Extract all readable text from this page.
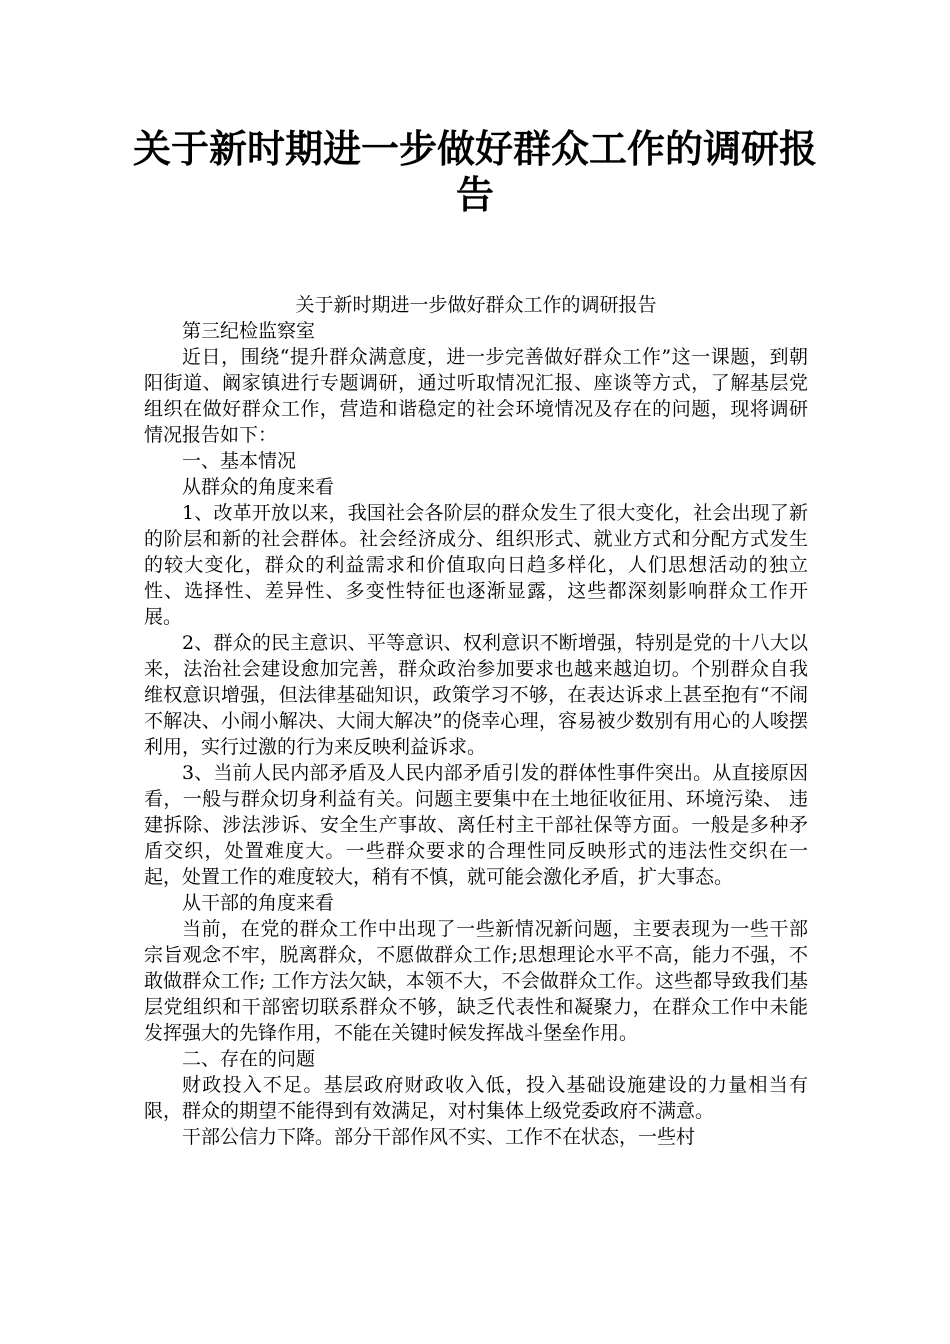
关于新时期进一步做好群众工作的调研报告

关于新时期进一步做好群众工作的调研报告

第三纪检监察室

近日，围绕“提升群众满意度，进一步完善做好群众工作”这一课题，到朝阳街道、阚家镇进行专题调研，通过听取情况汇报、座谈等方式，了解基层党组织在做好群众工作，营造和谐稳定的社会环境情况及存在的问题，现将调研情况报告如下：

一、基本情况

从群众的角度来看

1、改革开放以来，我国社会各阶层的群众发生了很大变化，社会出现了新的阶层和新的社会群体。社会经济成分、组织形式、就业方式和分配方式发生的较大变化，群众的利益需求和价值取向日趋多样化，人们思想活动的独立性、选择性、差异性、多变性特征也逐渐显露，这些都深刻影响群众工作开展。

2、群众的民主意识、平等意识、权利意识不断增强，特别是党的十八大以来，法治社会建设愈加完善，群众政治参加要求也越来越迫切。个别群众自我维权意识增强，但法律基础知识，政策学习不够，在表达诉求上甚至抱有“不闹不解决、小闹小解决、大闹大解决”的侥幸心理，容易被少数别有用心的人唆摆利用，实行过激的行为来反映利益诉求。

3、当前人民内部矛盾及人民内部矛盾引发的群体性事件突出。从直接原因看，一般与群众切身利益有关。问题主要集中在土地征收征用、环境污染、 违建拆除、涉法涉诉、安全生产事故、离任村主干部社保等方面。一般是多种矛盾交织，处置难度大。一些群众要求的合理性同反映形式的违法性交织在一起，处置工作的难度较大，稍有不慎，就可能会激化矛盾，扩大事态。

从干部的角度来看

当前，在党的群众工作中出现了一些新情况新问题，主要表现为一些干部宗旨观念不牢，脱离群众，不愿做群众工作;思想理论水平不高，能力不强，不敢做群众工作; 工作方法欠缺，本领不大，不会做群众工作。这些都导致我们基层党组织和干部密切联系群众不够，缺乏代表性和凝聚力，在群众工作中未能发挥强大的先锋作用，不能在关键时候发挥战斗堡垒作用。

二、存在的问题

财政投入不足。基层政府财政收入低，投入基础设施建设的力量相当有限，群众的期望不能得到有效满足，对村集体上级党委政府不满意。

干部公信力下降。部分干部作风不实、工作不在状态，一些村
